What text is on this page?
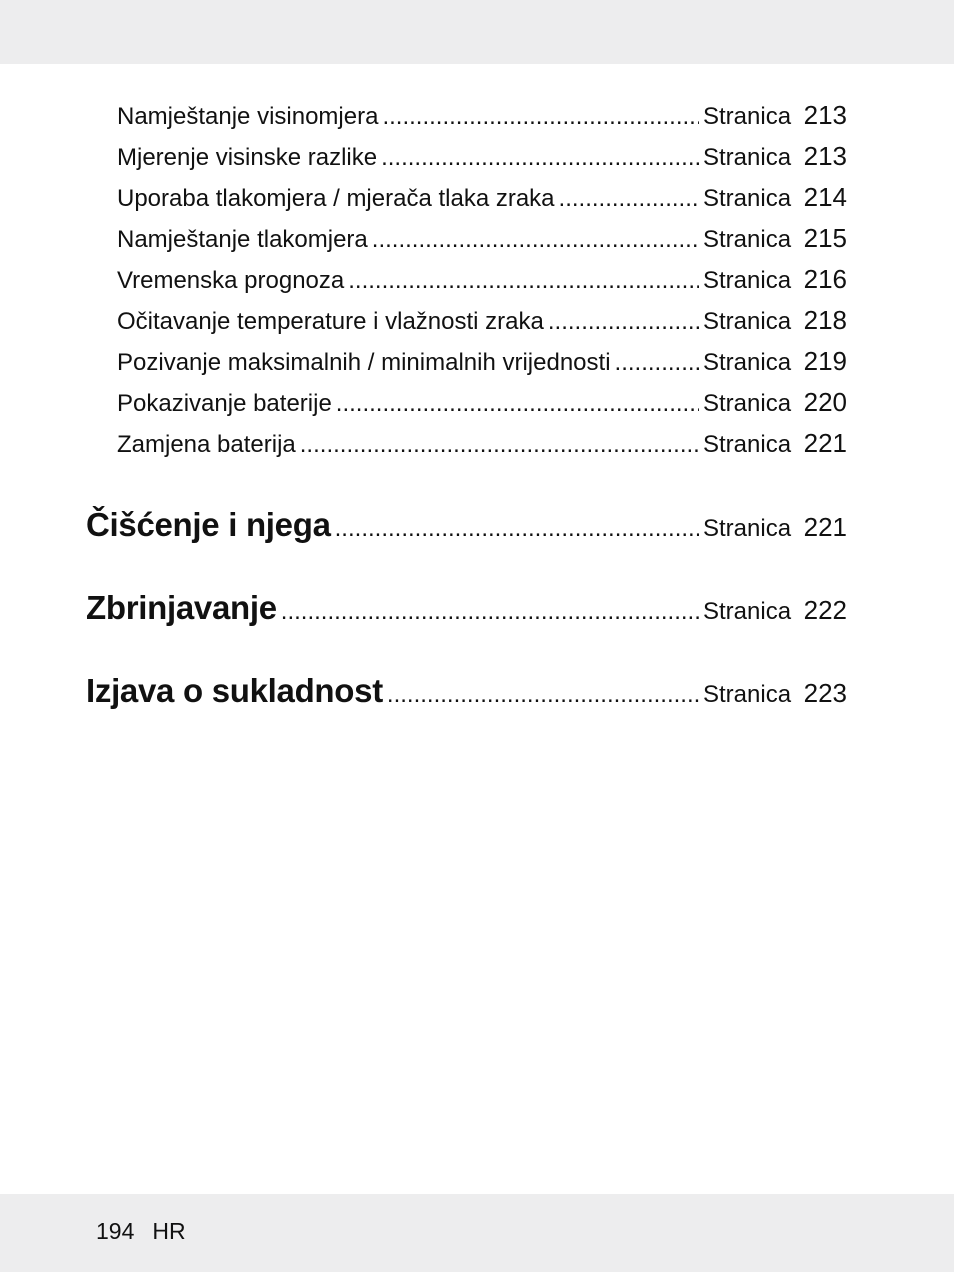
Namještanje visinomjera .....	Stranica 213
Mjerenje visinske razlike .....	Stranica 213
Uporaba tlakomjera / mjerača tlaka zraka .....	Stranica 214
Namještanje tlakomjera .....	Stranica 215
Vremenska prognoza .....	Stranica 216
Očitavanje temperature i vlažnosti zraka .....	Stranica 218
Pozivanje maksimalnih / minimalnih vrijednosti .....	Stranica 219
Pokazivanje baterije .....	Stranica 220
Zamjena baterija .....	Stranica 221
Čišćenje i njega .....	Stranica 221
Zbrinjavanje .....	Stranica 222
Izjava o sukladnost .....	Stranica 223
194 HR
